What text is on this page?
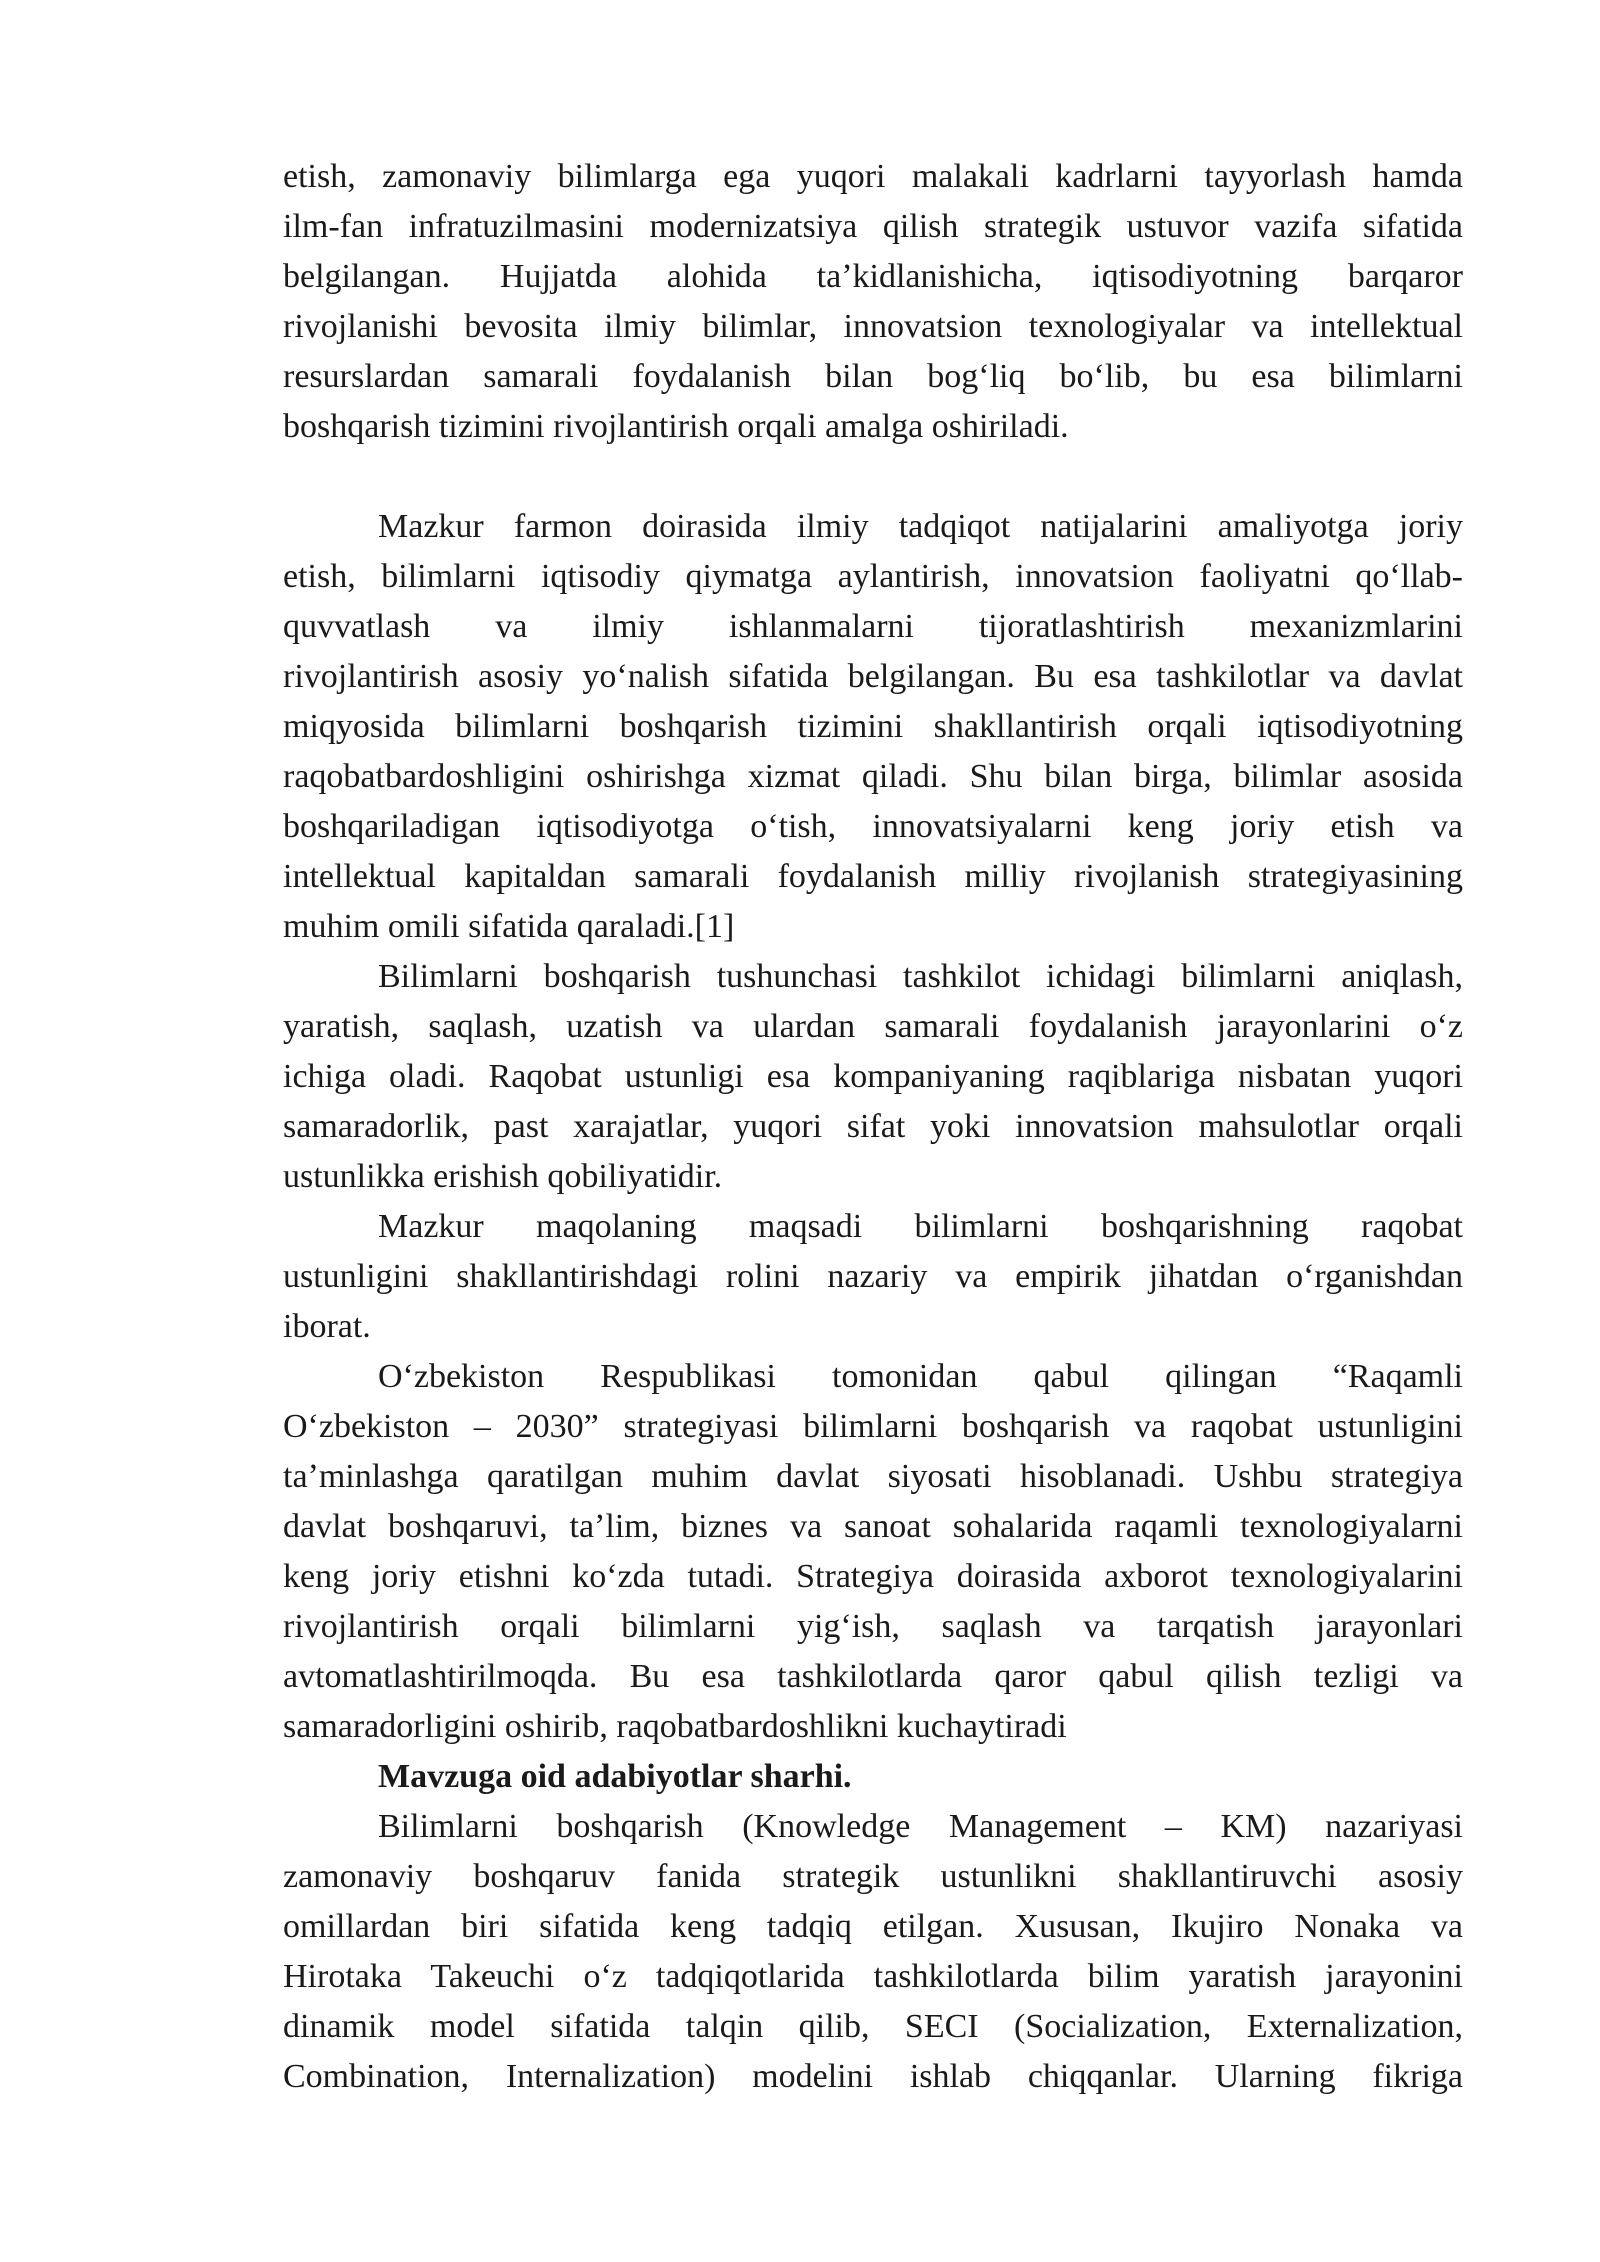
etish, zamonaviy bilimlarga ega yuqori malakali kadrlarni tayyorlash hamda
ilm-fan infratuzilmasini modernizatsiya qilish strategik ustuvor vazifa sifatida
belgilangan. Hujjatda alohida taʼkidlanishicha, iqtisodiyotning barqaror
rivojlanishi bevosita ilmiy bilimlar, innovatsion texnologiyalar va intellektual
resurslardan samarali foydalanish bilan bogʻliq boʻlib, bu esa bilimlarni
boshqarish tizimini rivojlantirish orqali amalga oshiriladi.
Mazkur farmon doirasida ilmiy tadqiqot natijalarini amaliyotga joriy
etish, bilimlarni iqtisodiy qiymatga aylantirish, innovatsion faoliyatni qoʻllab-
quvvatlash va ilmiy ishlanmalarni tijoratlashtirish mexanizmlarini
rivojlantirish asosiy yoʻnalish sifatida belgilangan. Bu esa tashkilotlar va davlat
miqyosida bilimlarni boshqarish tizimini shakllantirish orqali iqtisodiyotning
raqobatbardoshligini oshirishga xizmat qiladi. Shu bilan birga, bilimlar asosida
boshqariladigan iqtisodiyotga oʻtish, innovatsiyalarni keng joriy etish va
intellektual kapitaldan samarali foydalanish milliy rivojlanish strategiyasining
muhim omili sifatida qaraladi.[1]
Bilimlarni boshqarish tushunchasi tashkilot ichidagi bilimlarni aniqlash,
yaratish, saqlash, uzatish va ulardan samarali foydalanish jarayonlarini oʻz
ichiga oladi. Raqobat ustunligi esa kompaniyaning raqiblariga nisbatan yuqori
samaradorlik, past xarajatlar, yuqori sifat yoki innovatsion mahsulotlar orqali
ustunlikka erishish qobiliyatidir.
Mazkur maqolaning maqsadi bilimlarni boshqarishning raqobat
ustunligini shakllantirishdagi rolini nazariy va empirik jihatdan oʻrganishdan
iborat.
Oʻzbekiston Respublikasi tomonidan qabul qilingan “Raqamli
Oʻzbekiston – 2030” strategiyasi bilimlarni boshqarish va raqobat ustunligini
taʼminlashga qaratilgan muhim davlat siyosati hisoblanadi. Ushbu strategiya
davlat boshqaruvi, taʼlim, biznes va sanoat sohalarida raqamli texnologiyalarni
keng joriy etishni koʻzda tutadi. Strategiya doirasida axborot texnologiyalarini
rivojlantirish orqali bilimlarni yigʻish, saqlash va tarqatish jarayonlari
avtomatlashtirilmoqda. Bu esa tashkilotlarda qaror qabul qilish tezligi va
samaradorligini oshirib, raqobatbardoshlikni kuchaytiradi
Mavzuga oid adabiyotlar sharhi.
Bilimlarni boshqarish (Knowledge Management – KM) nazariyasi
zamonaviy boshqaruv fanida strategik ustunlikni shakllantiruvchi asosiy
omillardan biri sifatida keng tadqiq etilgan. Xususan, Ikujiro Nonaka va
Hirotaka Takeuchi oʻz tadqiqotlarida tashkilotlarda bilim yaratish jarayonini
dinamik model sifatida talqin qilib, SECI (Socialization, Externalization,
Combination, Internalization) modelini ishlab chiqqanlar. Ularning fikriga
